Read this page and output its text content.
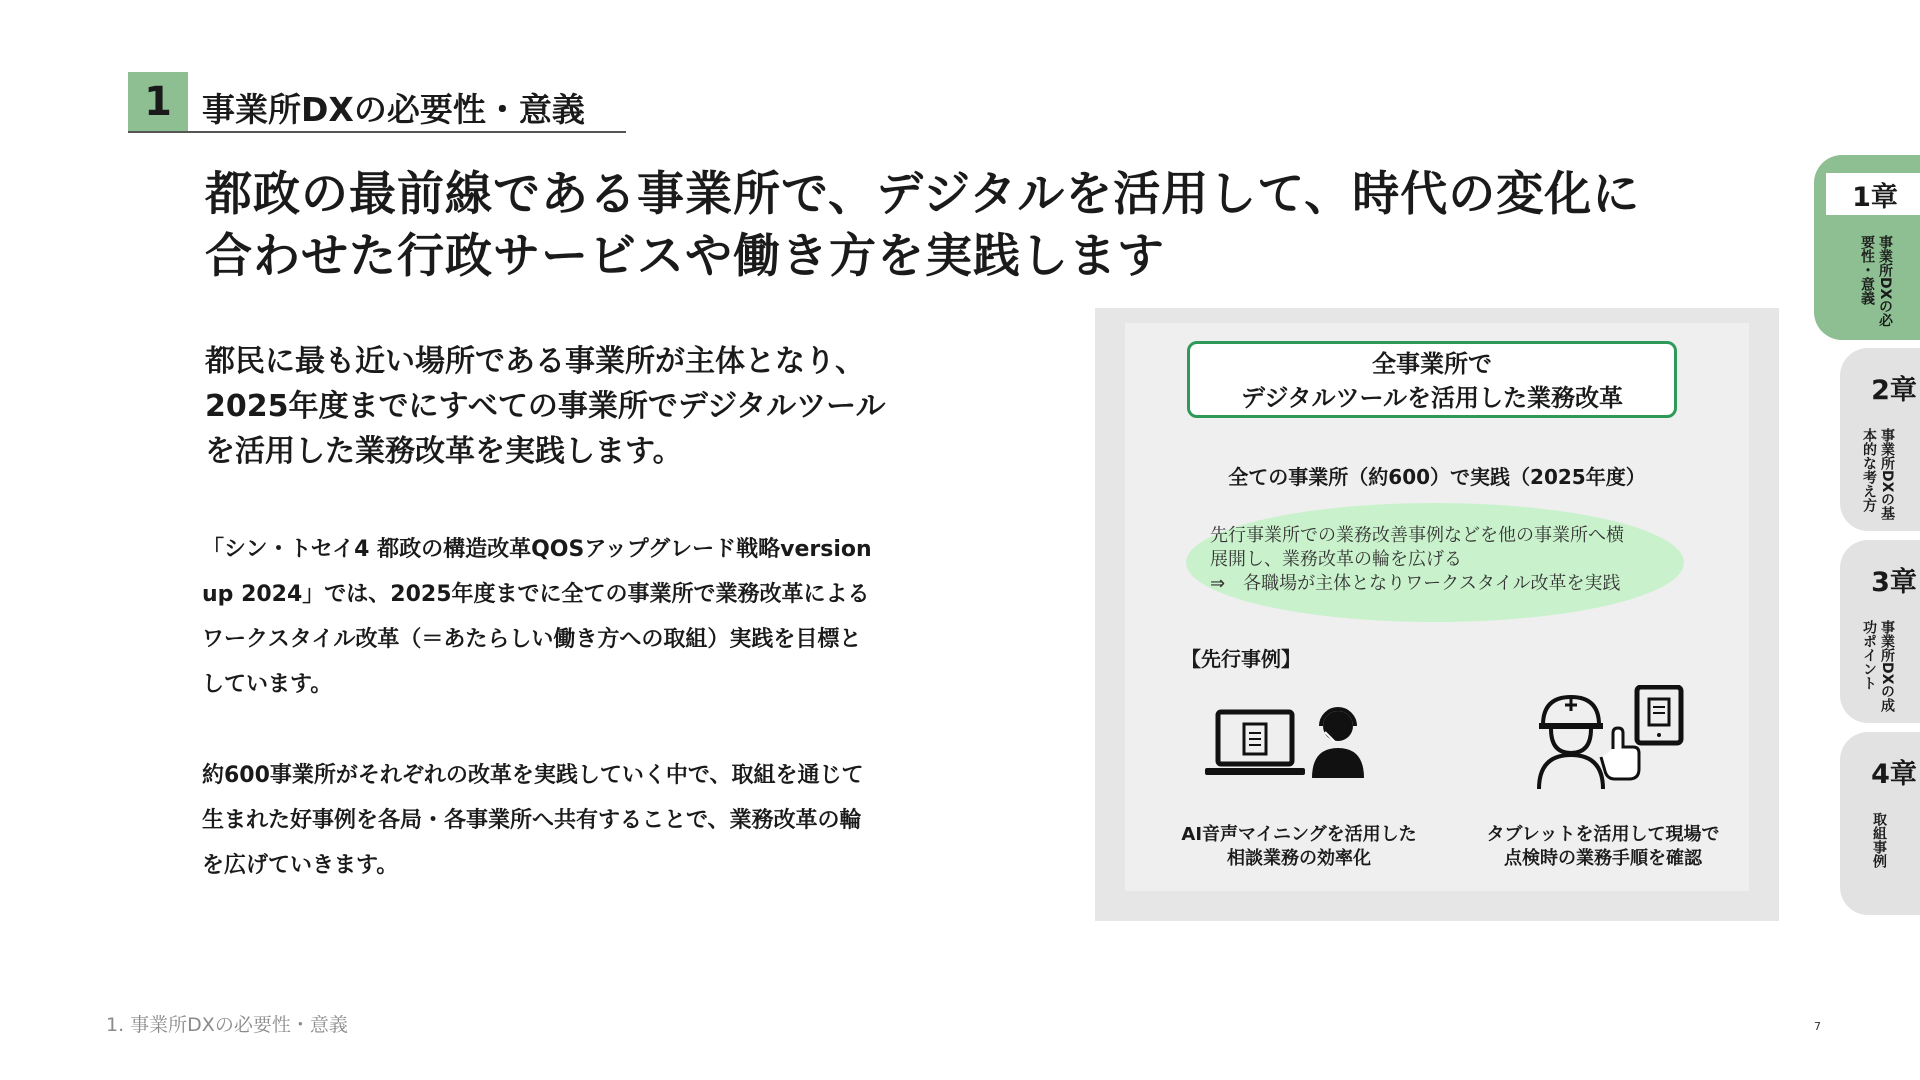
1 事業所DXの必要性・意義
都政の最前線である事業所で、デジタルを活用して、時代の変化に
合わせた行政サービスや働き方を実践します
都民に最も近い場所である事業所が主体となり、
2025年度までにすべての事業所でデジタルツール
を活用した業務改革を実践します。
「シン・トセイ4 都政の構造改革QOSアップグレード戦略version
up 2024」では、2025年度までに全ての事業所で業務改革による
ワークスタイル改革（＝あたらしい働き方への取組）実践を目標と
しています。
約600事業所がそれぞれの改革を実践していく中で、取組を通じて
生まれた好事例を各局・各事業所へ共有することで、業務改革の輪
を広げていきます。
全事業所で
デジタルツールを活用した業務改革
全ての事業所（約600）で実践（2025年度）
先行事業所での業務改善事例などを他の事業所へ横
展開し、業務改革の輪を広げる
⇒　各職場が主体となりワークスタイル改革を実践
【先行事例】
AI音声マイニングを活用した
相談業務の効率化
タブレットを活用して現場で
点検時の業務手順を確認
1章
事業所DXの必要性・意義
2章
事業所DXの基本的な考え方
3章
事業所DXの成功ポイント
4章
取組事例
1. 事業所DXの必要性・意義	7
